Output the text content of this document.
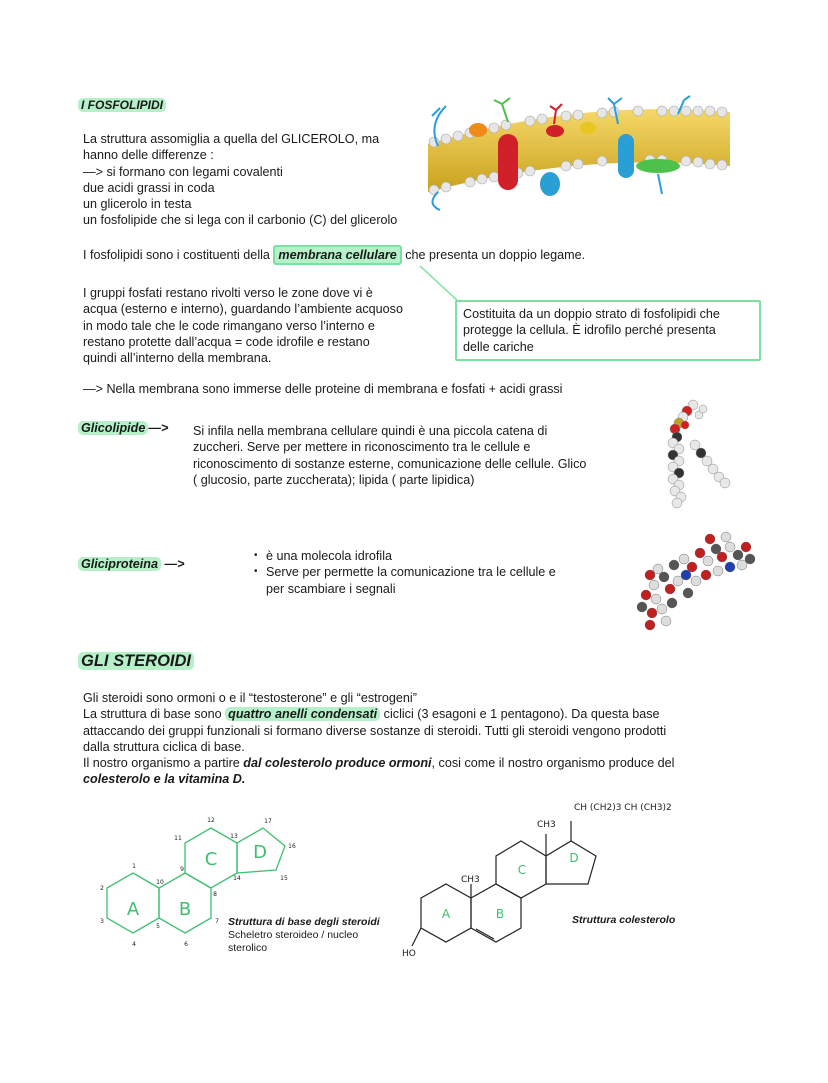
I FOSFOLIPIDI
La struttura assomiglia a quella del GLICEROLO, ma
hanno delle differenze :
—> si formano con legami covalenti
due acidi grassi in coda
un glicerolo in testa
un fosfolipide che si lega con il carbonio (C) del glicerolo
I fosfolipidi sono i costituenti della membrana cellulare che presenta un doppio legame.
I gruppi fosfati restano rivolti verso le zone dove vi è
acqua (esterno e interno), guardando l’ambiente acquoso
in modo tale che le code rimangano verso l’interno e
restano protette dall’acqua = code idrofile e restano
quindi all’interno della membrana.
Costituita da un doppio strato di fosfolipidi che
protegge la cellula. È idrofilo perché presenta
delle cariche
—> Nella membrana sono immerse delle proteine di membrana e fosfati + acidi grassi
Glicolipide —> Si infila nella membrana cellulare quindi è una piccola catena di
zuccheri. Serve per mettere in riconoscimento tra le cellule e
riconoscimento di sostanze esterne, comunicazione delle cellule. Glico
( glucosio, parte zuccherata); lipida ( parte lipidica)
Gliciproteina —>
• è una molecola idrofila
• Serve per permette la comunicazione tra le cellule e
per scambiare i segnali
GLI STEROIDI
Gli steroidi sono ormoni o e il “testosterone” e gli “estrogeni”
La struttura di base sono quattro anelli condensati ciclici (3 esagoni e 1 pentagono). Da questa base
attaccando dei gruppi funzionali si formano diverse sostanze di steroidi. Tutti gli steroidi vengono prodotti
dalla struttura ciclica di base.
Il nostro organismo a partire dal colesterolo produce ormoni, cosi come il nostro organismo produce del
colesterolo e la vitamina D.
A B
C D
1
2
3
4
5
6
7
8
9
10
11
12
13
14	15
16
17
Struttura di base degli steroidi
Scheletro steroideo / nucleo
sterolico
A	B
C
D
CH3
CH3
CH (CH2)3 CH (CH3)2
HO
Struttura colesterolo
